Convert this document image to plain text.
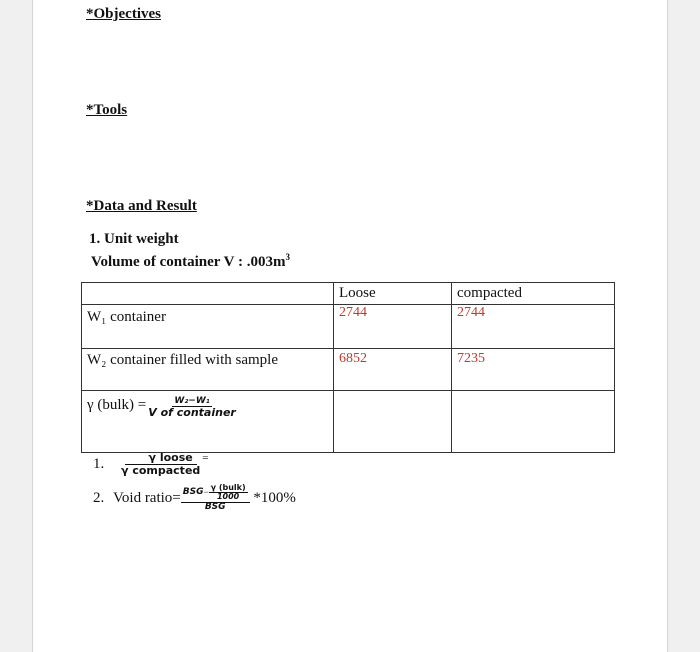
*Objectives
*Tools
*Data and Result
1. Unit weight
Volume of container V : $.003m^3$
	Loose	compacted
W₁ container	2744	2744
W₂ container filled with sample	6852	7235
γ (bulk) = $\frac{\text{W₂−W₁}}{\text{V of container}}$

1. $\frac{\text{γ loose}}{\text{γ compacted}} ^=$
2. Void ratio= $\frac{BSG - \frac{\text{γ (bulk)}}{1000}}{\text{BSG}} *100\%$
